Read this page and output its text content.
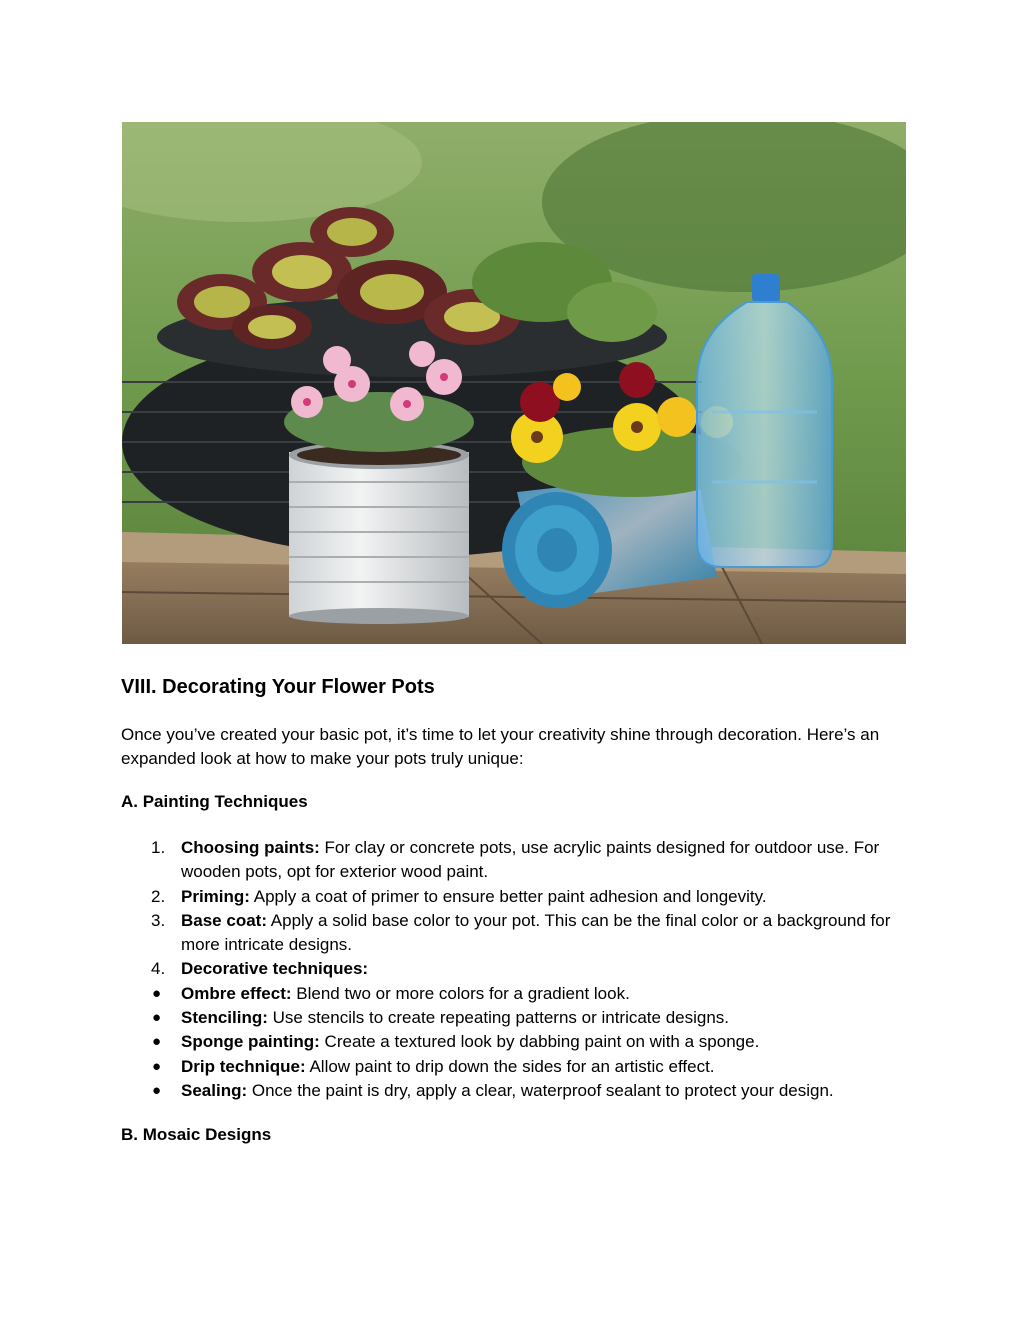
VIII. Decorating Your Flower Pots

Once you’ve created your basic pot, it’s time to let your creativity shine through decoration. Here’s an expanded look at how to make your pots truly unique:

A. Painting Techniques
1. Choosing paints: For clay or concrete pots, use acrylic paints designed for outdoor use. For wooden pots, opt for exterior wood paint.
2. Priming: Apply a coat of primer to ensure better paint adhesion and longevity.
3. Base coat: Apply a solid base color to your pot. This can be the final color or a background for more intricate designs.
4. Decorative techniques:
● Ombre effect: Blend two or more colors for a gradient look.
● Stenciling: Use stencils to create repeating patterns or intricate designs.
● Sponge painting: Create a textured look by dabbing paint on with a sponge.
● Drip technique: Allow paint to drip down the sides for an artistic effect.
● Sealing: Once the paint is dry, apply a clear, waterproof sealant to protect your design.
B. Mosaic Designs
